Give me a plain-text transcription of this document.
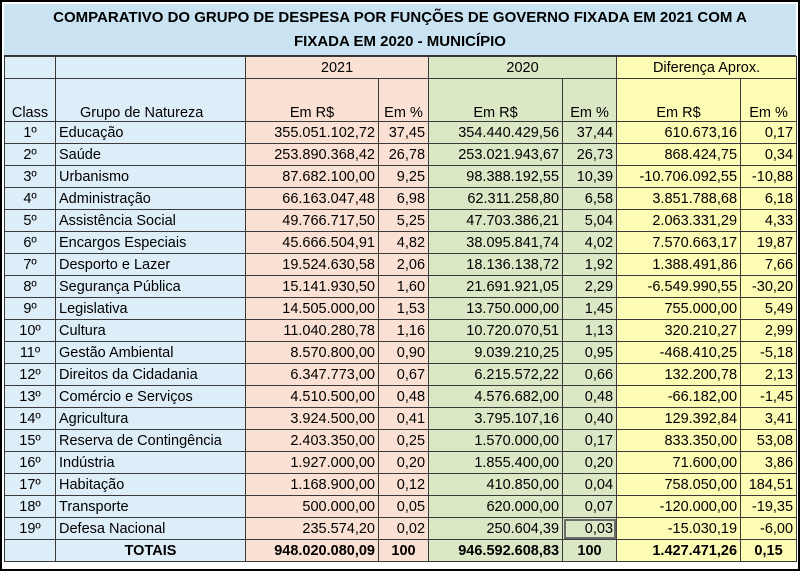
COMPARATIVO DO GRUPO DE DESPESA POR FUNÇÕES DE GOVERNO FIXADA EM 2021 COM A
FIXADA EM 2020 - MUNICÍPIO
		2021		2020		Diferença Aprox.	
Class	Grupo de Natureza	Em R$	Em %	Em R$	Em %	Em R$	Em %
1º	Educação	355.051.102,72	37,45	354.440.429,56	37,44	610.673,16	0,17
2º	Saúde	253.890.368,42	26,78	253.021.943,67	26,73	868.424,75	0,34
3º	Urbanismo	87.682.100,00	9,25	98.388.192,55	10,39	-10.706.092,55	-10,88
4º	Administração	66.163.047,48	6,98	62.311.258,80	6,58	3.851.788,68	6,18
5º	Assistência Social	49.766.717,50	5,25	47.703.386,21	5,04	2.063.331,29	4,33
6º	Encargos Especiais	45.666.504,91	4,82	38.095.841,74	4,02	7.570.663,17	19,87
7º	Desporto e Lazer	19.524.630,58	2,06	18.136.138,72	1,92	1.388.491,86	7,66
8º	Segurança Pública	15.141.930,50	1,60	21.691.921,05	2,29	-6.549.990,55	-30,20
9º	Legislativa	14.505.000,00	1,53	13.750.000,00	1,45	755.000,00	5,49
10º	Cultura	11.040.280,78	1,16	10.720.070,51	1,13	320.210,27	2,99
11º	Gestão Ambiental	8.570.800,00	0,90	9.039.210,25	0,95	-468.410,25	-5,18
12º	Direitos da Cidadania	6.347.773,00	0,67	6.215.572,22	0,66	132.200,78	2,13
13º	Comércio e Serviços	4.510.500,00	0,48	4.576.682,00	0,48	-66.182,00	-1,45
14º	Agricultura	3.924.500,00	0,41	3.795.107,16	0,40	129.392,84	3,41
15º	Reserva de Contingência	2.403.350,00	0,25	1.570.000,00	0,17	833.350,00	53,08
16º	Indústria	1.927.000,00	0,20	1.855.400,00	0,20	71.600,00	3,86
17º	Habitação	1.168.900,00	0,12	410.850,00	0,04	758.050,00	184,51
18º	Transporte	500.000,00	0,05	620.000,00	0,07	-120.000,00	-19,35
19º	Defesa Nacional	235.574,20	0,02	250.604,39	0,03	-15.030,19	-6,00
	TOTAIS	948.020.080,09	100	946.592.608,83	100	1.427.471,26	0,15
